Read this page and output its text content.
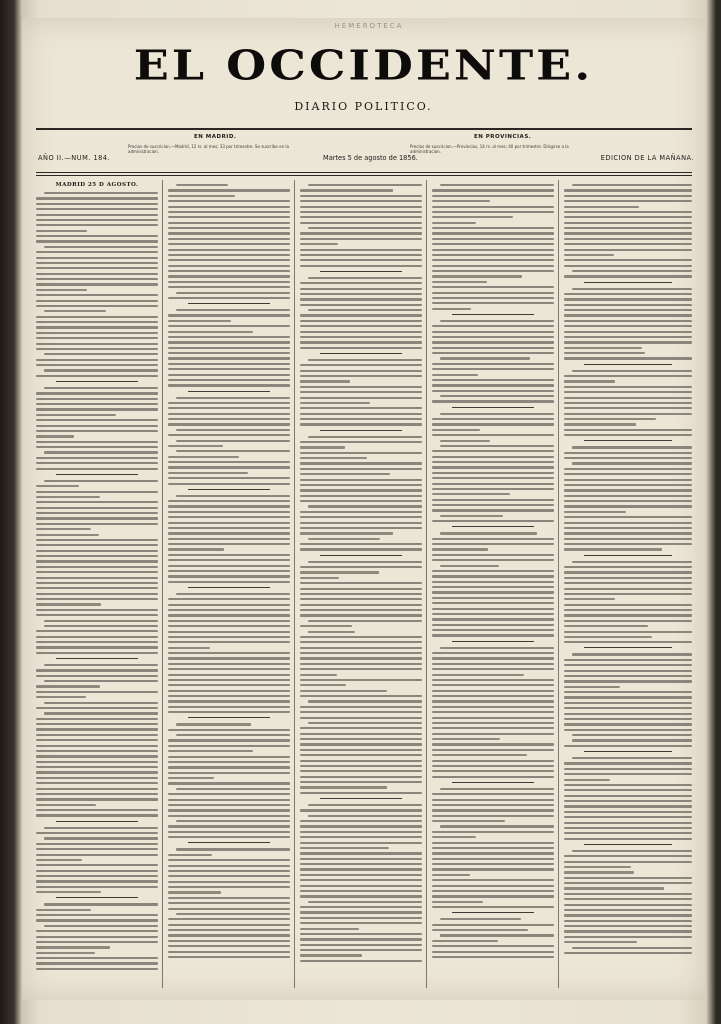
HEMEROTECA
EL OCCIDENTE.
DIARIO POLITICO.
AÑO II.—NUM. 184.
EN MADRID.
Precios de suscricion.—Madrid, 12 rs. al mes; 33 por trimestre. Se suscribe en la administracion.
Martes 5 de agosto de 1856.
EN PROVINCIAS.
Precios de suscricion.—Provincias, 14 rs. al mes; 40 por trimestre. Dirigirse a la administracion.
EDICION DE LA MAÑANA.
MADRID 25 D AGOSTO.
